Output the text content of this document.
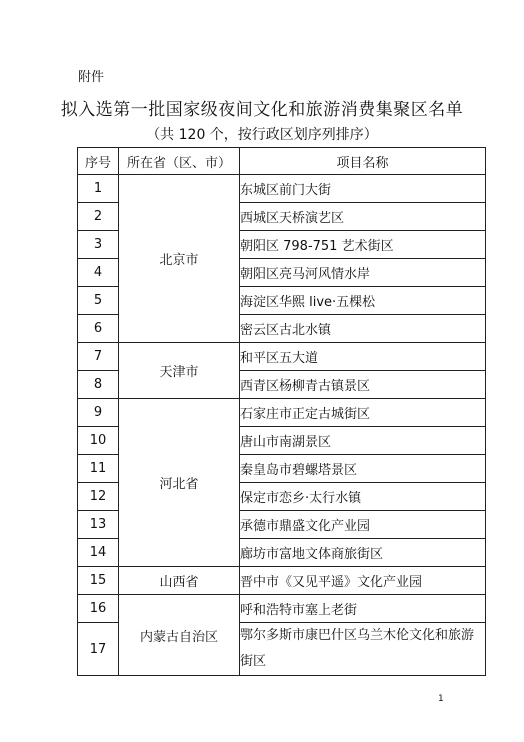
附件
拟入选第一批国家级夜间文化和旅游消费集聚区名单
（共 120 个，按行政区划序列排序）
序号	所在省（区、市）	项目名称
1	北京市	东城区前门大街
2		西城区天桥演艺区
3		朝阳区 798-751 艺术街区
4		朝阳区亮马河风情水岸
5		海淀区华熙 live·五棵松
6		密云区古北水镇
7	天津市	和平区五大道
8		西青区杨柳青古镇景区
9	河北省	石家庄市正定古城街区
10		唐山市南湖景区
11		秦皇岛市碧螺塔景区
12		保定市恋乡·太行水镇
13		承德市鼎盛文化产业园
14		廊坊市富地文体商旅街区
15	山西省	晋中市《又见平遥》文化产业园
16	内蒙古自治区	呼和浩特市塞上老街
17		鄂尔多斯市康巴什区乌兰木伦文化和旅游街区
1
